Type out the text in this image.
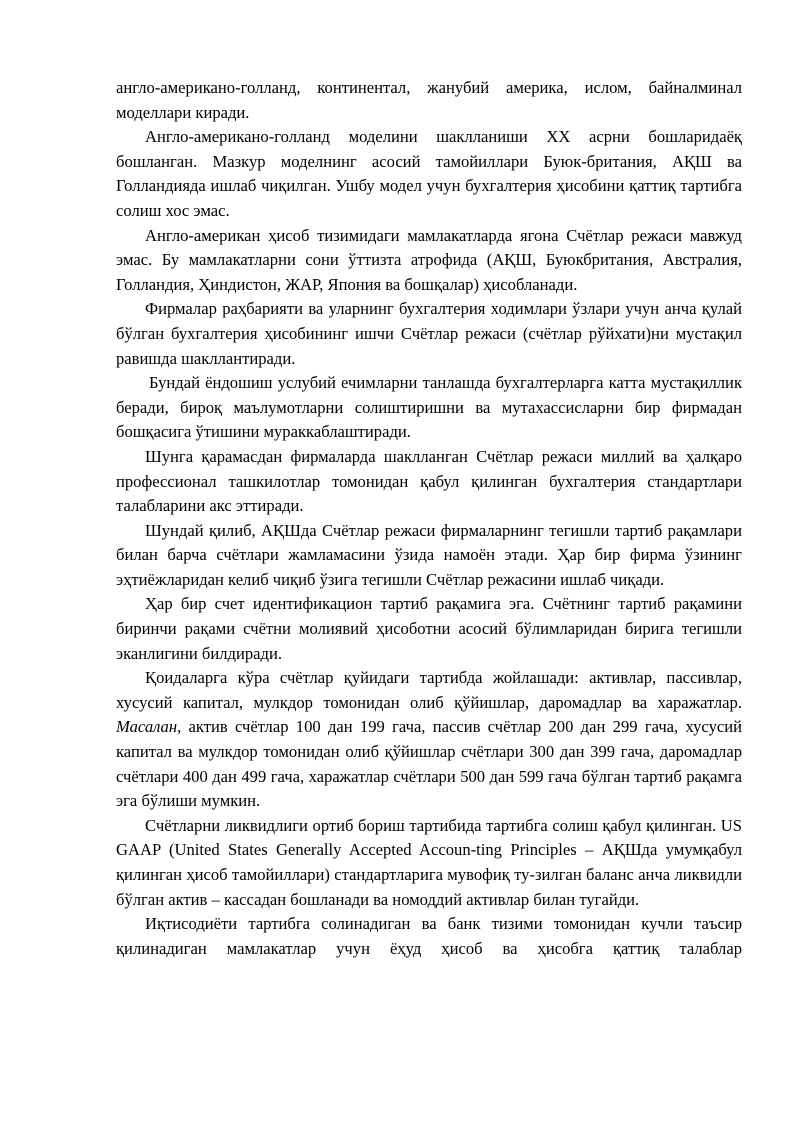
англо-американо-голланд, континентал, жанубий америка, ислом, байналминал моделлари киради.

Англо-американо-голланд моделини шаклланиши XX асрни бошларидаёқ бошланган. Мазкур моделнинг асосий тамойиллари Буюк-британия, АҚШ ва Голландияда ишлаб чиқилган. Ушбу модел учун бухгалтерия ҳисобини қаттиқ тартибга солиш хос эмас.

Англо-американ ҳисоб тизимидаги мамлакатларда ягона Счётлар режаси мавжуд эмас. Бу мамлакатларни сони ўттизта атрофида (АҚШ, Буюкбритания, Австралия, Голландия, Ҳиндистон, ЖАР, Япония ва бошқалар) ҳисобланади.

Фирмалар раҳбарияти ва уларнинг бухгалтерия ходимлари ўзлари учун анча қулай бўлган бухгалтерия ҳисобининг ишчи Счётлар режаси (счётлар рўйхати)ни мустақил равишда шакллантиради.

Бундай ёндошиш услубий ечимларни танлашда бухгалтерларга катта мустақиллик беради, бироқ маълумотларни солиштиришни ва мутахассисларни бир фирмадан бошқасига ўтишини мураккаблаштиради.

Шунга қарамасдан фирмаларда шаклланган Счётлар режаси миллий ва ҳалқаро профессионал ташкилотлар томонидан қабул қилинган бухгалтерия стандартлари талабларини акс эттиради.

Шундай қилиб, АҚШда Счётлар режаси фирмаларнинг тегишли тартиб рақамлари билан барча счётлари жамламасини ўзида намоён этади. Ҳар бир фирма ўзининг эҳтиёжларидан келиб чиқиб ўзига тегишли Счётлар режасини ишлаб чиқади.

Ҳар бир счет идентификацион тартиб рақамига эга. Счётнинг тартиб рақамини биринчи рақами счётни молиявий ҳисоботни асосий бўлимларидан бирига тегишли эканлигини билдиради.

Қоидаларга кўра счётлар қуйидаги тартибда жойлашади: активлар, пассивлар, хусусий капитал, мулкдор томонидан олиб қўйишлар, даромадлар ва харажатлар. Масалан, актив счётлар 100 дан 199 гача, пассив счётлар 200 дан 299 гача, хусусий капитал ва мулкдор томонидан олиб қўйишлар счётлари 300 дан 399 гача, даромадлар счётлари 400 дан 499 гача, харажатлар счётлари 500 дан 599 гача бўлган тартиб рақамга эга бўлиши мумкин.

Счётларни ликвидлиги ортиб бориш тартибида тартибга солиш қабул қилинган. US GAAP (United States Generally Accepted Accoun-ting Principles – АҚШда умумқабул қилинган ҳисоб тамойиллари) стандартларига мувофиқ ту-зилган баланс анча ликвидли бўлган актив – кассадан бошланади ва номоддий активлар билан тугайди.

Иқтисодиёти тартибга солинадиган ва банк тизими томонидан кучли таъсир қилинадиган мамлакатлар учун ёҳуд ҳисоб ва ҳисобга қаттиқ талаблар
